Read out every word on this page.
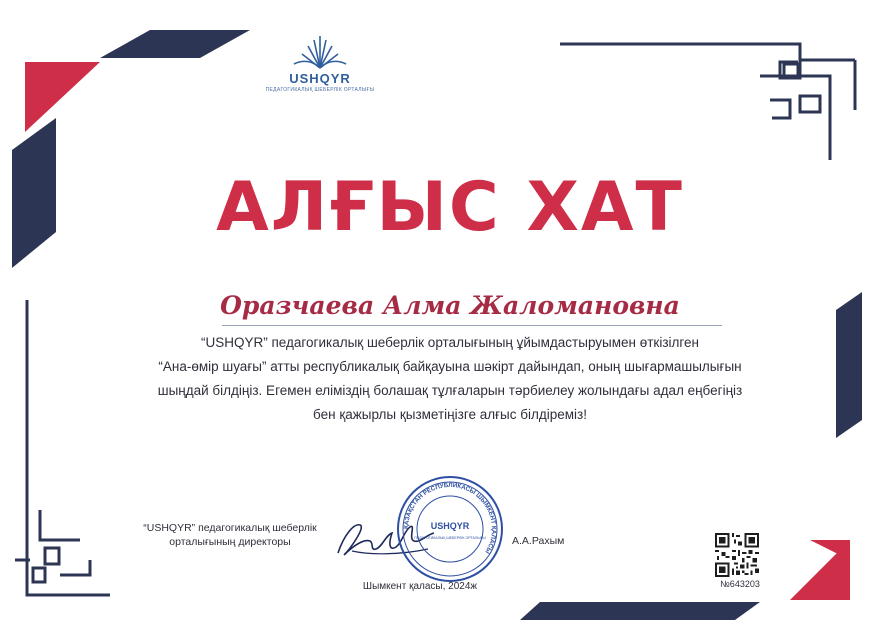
USHQYR
ПЕДАГОГИКАЛЫҚ ШЕБЕРЛІК ОРТАЛЫҒЫ
АЛҒЫС ХАТ
Оразчаева Алма Жаломановна
“USHQYR” педагогикалық шеберлік орталығының ұйымдастыруымен өткізілген
“Ана-өмір шуағы” атты республикалық байқауына шәкірт дайындап, оның шығармашылығын
шыңдай білдіңіз. Егемен еліміздің болашақ тұлғаларын тәрбиелеу жолындағы адал еңбегіңіз
бен қажырлы қызметіңізге алғыс білдіреміз!
“USHQYR” педагогикалық шеберлік
орталығының директоры
ҚАЗАҚСТАН РЕСПУБЛИКАСЫ ШЫМКЕНТ ҚАЛАСЫ
USHQYR
ПЕДАГОГИКАЛЫҚ ШЕБЕРЛІК ОРТАЛЫҒЫ	А.А.Рахым
Шымкент қаласы, 2024ж	№643203
